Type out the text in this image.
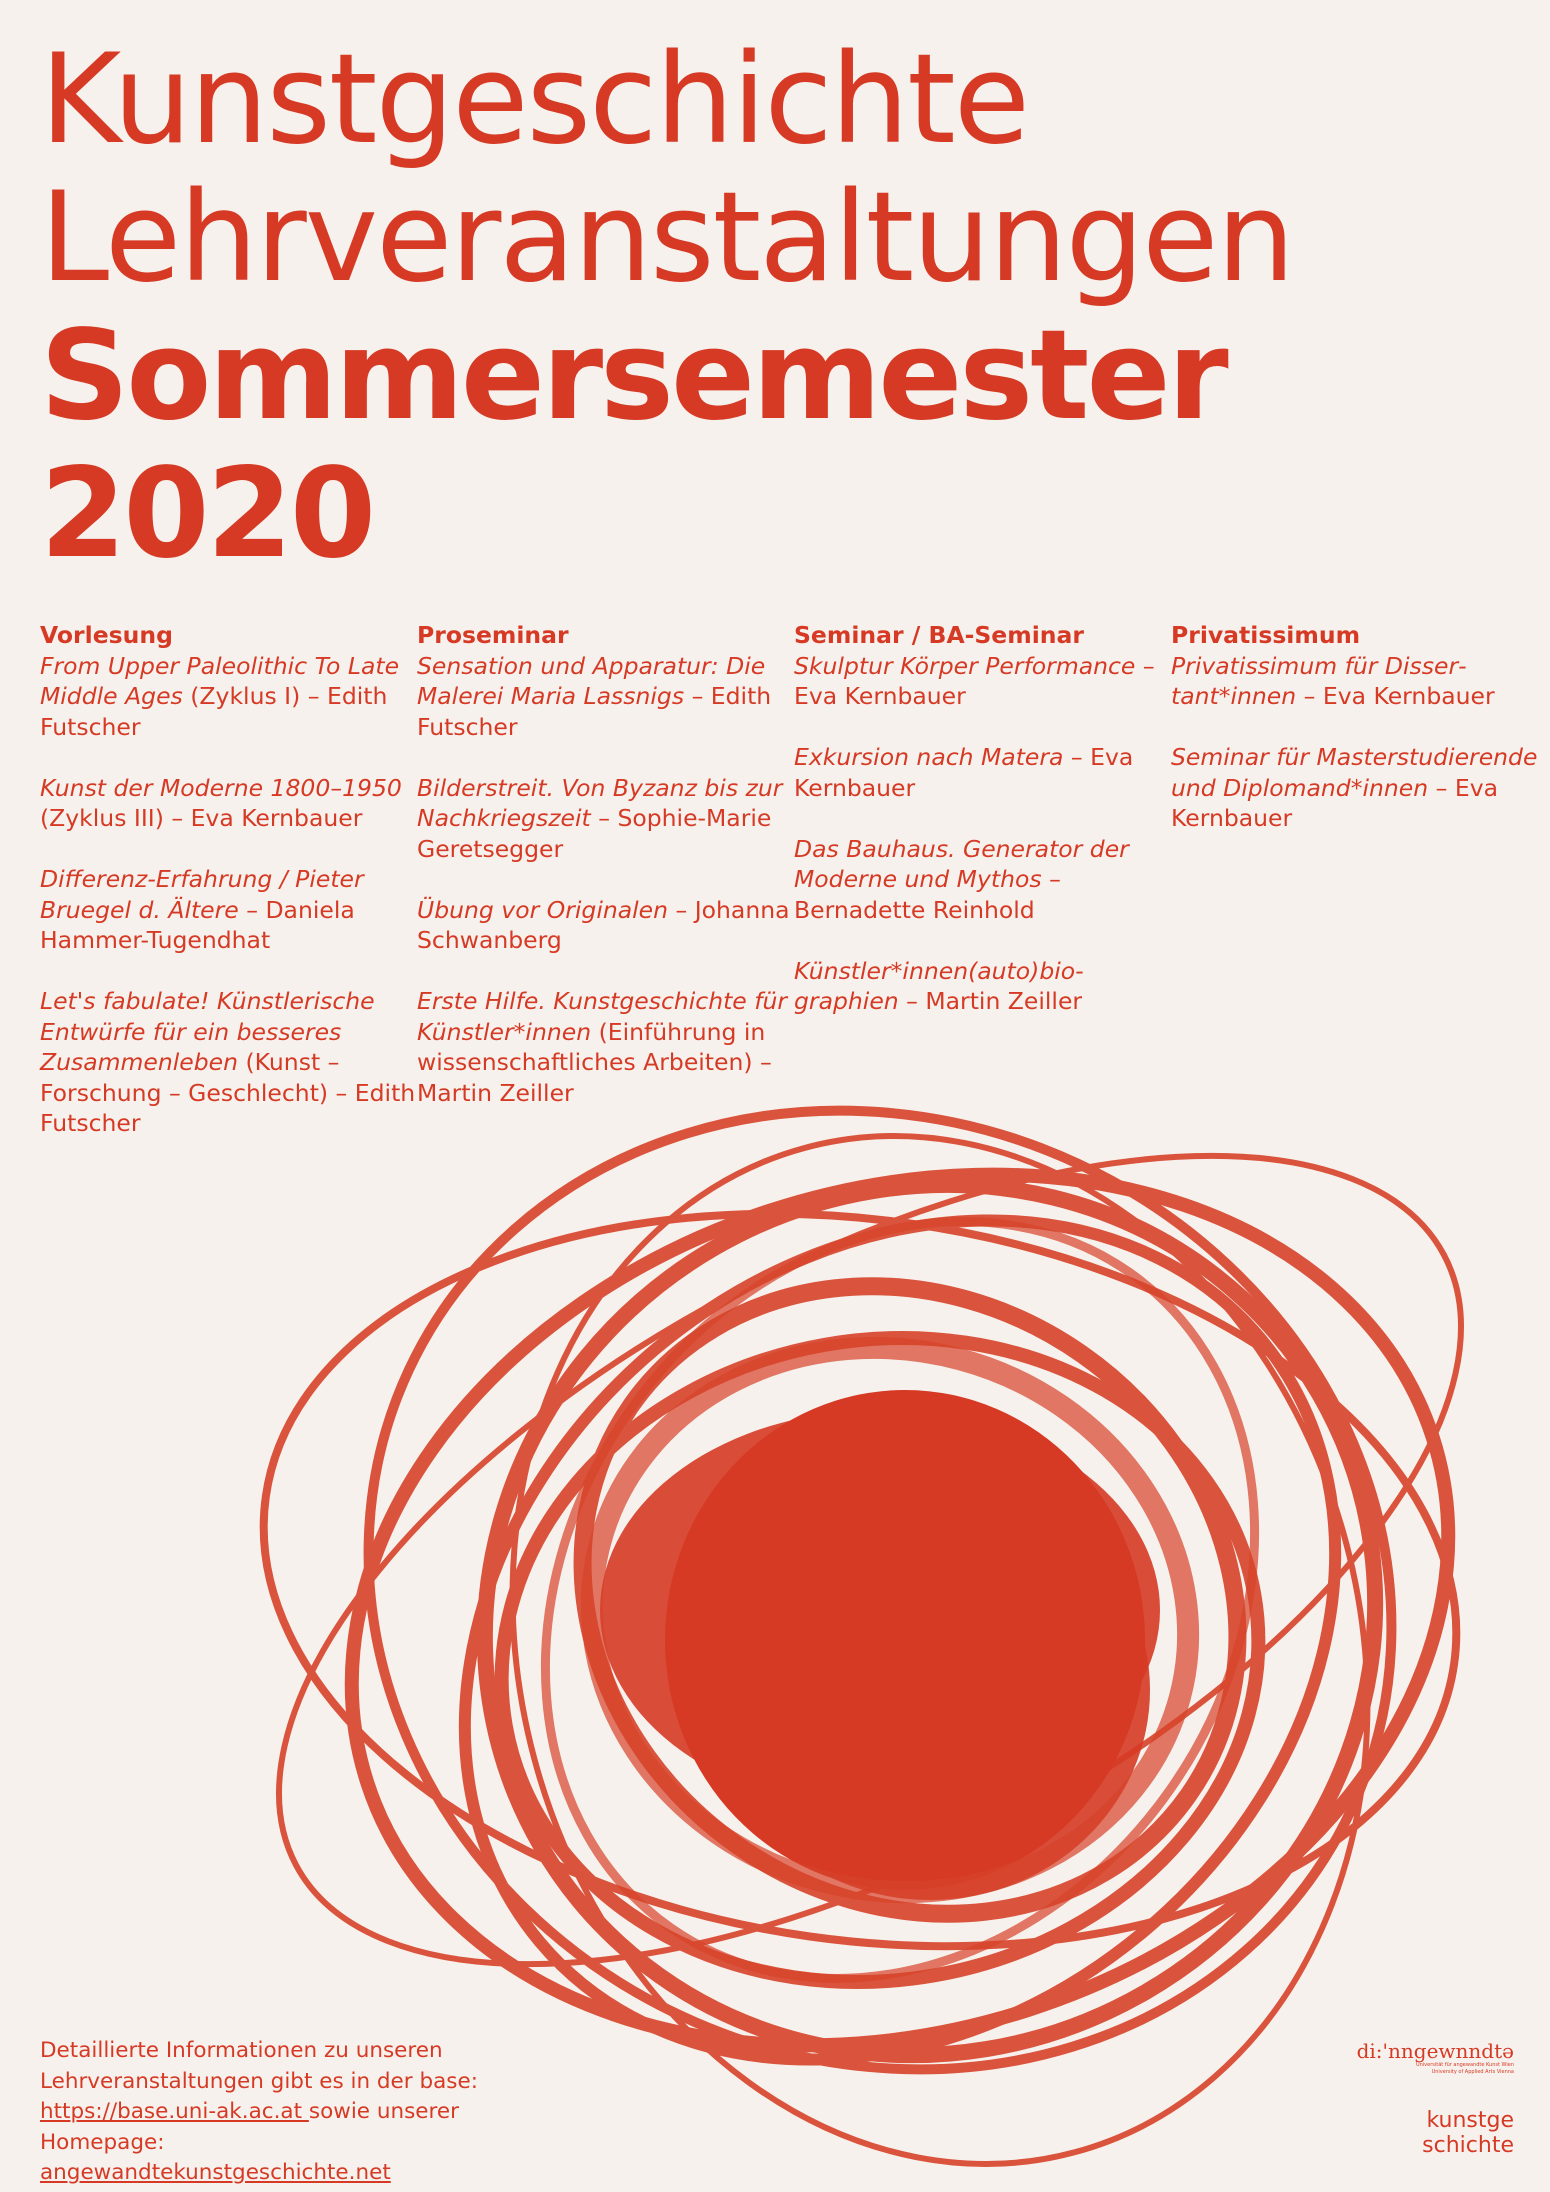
Kunstgeschichte
Lehrveranstaltungen
Sommersemester
2020
Vorlesung
From Upper Paleolithic To Late Middle Ages (Zyklus I) – Edith Futscher
Kunst der Moderne 1800–1950 (Zyklus III) – Eva Kernbauer
Differenz-Erfahrung / Pieter Bruegel d. Ältere – Daniela Hammer-Tugendhat
Let's fabulate! Künstlerische Entwürfe für ein besseres Zusammenleben (Kunst – Forschung – Geschlecht) – Edith Futscher
Proseminar
Sensation und Apparatur: Die Malerei Maria Lassnigs – Edith Futscher
Bilderstreit. Von Byzanz bis zur Nachkriegszeit – Sophie-Marie Geretsegger
Übung vor Originalen – Johanna Schwanberg
Erste Hilfe. Kunstgeschichte für Künstler*innen (Einführung in wissenschaftliches Arbeiten) – Martin Zeiller
Seminar / BA-Seminar
Skulptur Körper Performance – Eva Kernbauer
Exkursion nach Matera – Eva Kernbauer
Das Bauhaus. Generator der Moderne und Mythos – Bernadette Reinhold
Künstler*innen(auto)biographien – Martin Zeiller
Privatissimum
Privatissimum für Dissertant*innen – Eva Kernbauer
Seminar für Masterstudierende und Diplomand*innen – Eva Kernbauer
Detaillierte Informationen zu unseren Lehrveranstaltungen gibt es in der base: https://base.uni-ak.ac.at sowie unserer Homepage: angewandtekunstgeschichte.net
di:'nngewnndtə
Universität für angewandte Kunst Wien
University of Applied Arts Vienna
kunstge
schichte
